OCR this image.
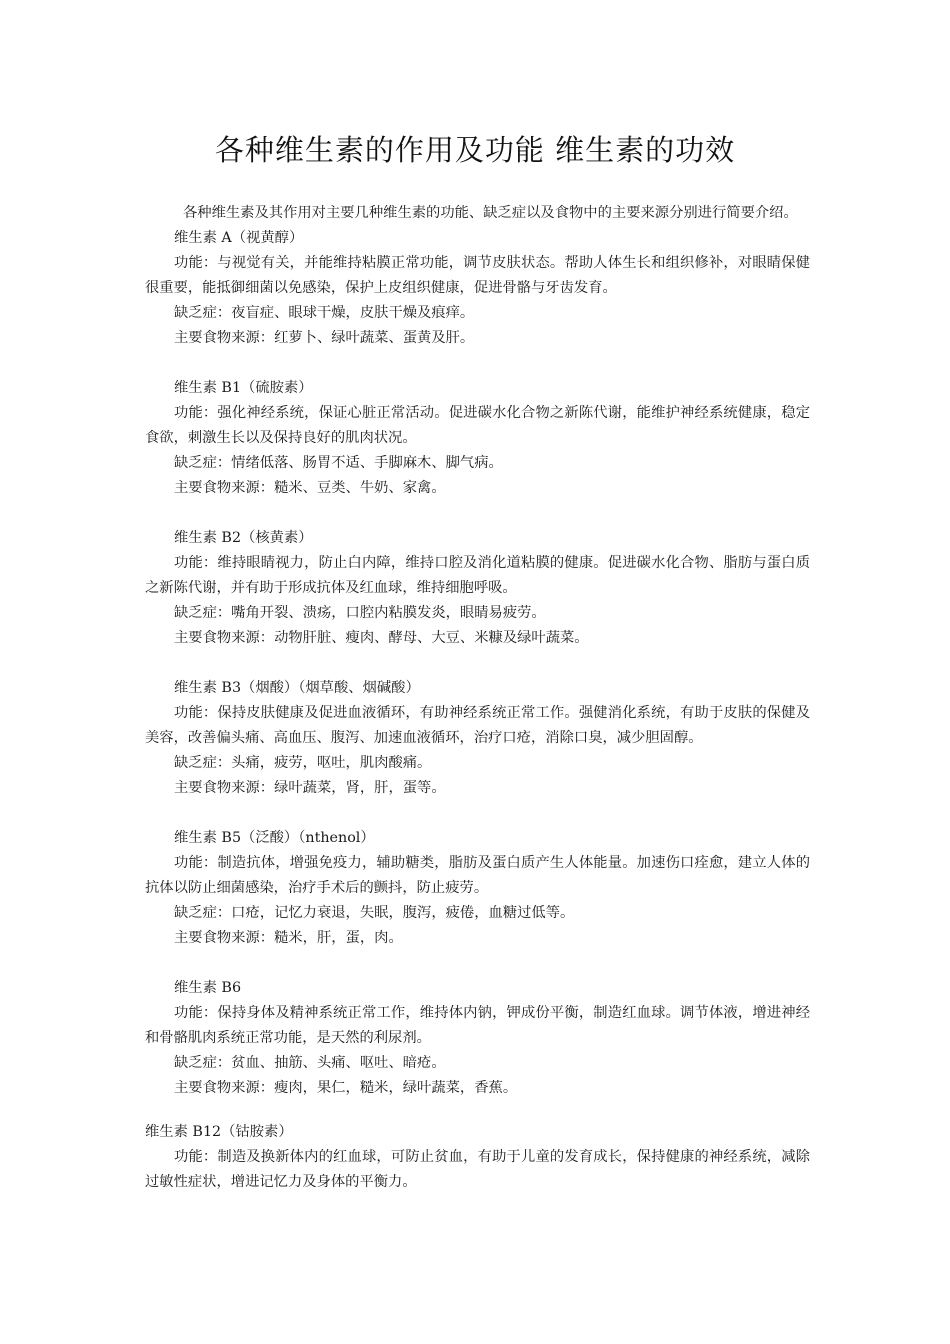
各种维生素的作用及功能 维生素的功效

各种维生素及其作用对主要几种维生素的功能、缺乏症以及食物中的主要来源分别进行简要介绍。

维生素 A（视黄醇）

功能：与视觉有关，并能维持粘膜正常功能，调节皮肤状态。帮助人体生长和组织修补，对眼睛保健很重要，能抵御细菌以免感染，保护上皮组织健康，促进骨骼与牙齿发育。

缺乏症：夜盲症、眼球干燥，皮肤干燥及痕痒。

主要食物来源：红萝卜、绿叶蔬菜、蛋黄及肝。

维生素 B1（硫胺素）

功能：强化神经系统，保证心脏正常活动。促进碳水化合物之新陈代谢，能维护神经系统健康，稳定食欲，刺激生长以及保持良好的肌肉状况。

缺乏症：情绪低落、肠胃不适、手脚麻木、脚气病。

主要食物来源：糙米、豆类、牛奶、家禽。

维生素 B2（核黄素）

功能：维持眼睛视力，防止白内障，维持口腔及消化道粘膜的健康。促进碳水化合物、脂肪与蛋白质之新陈代谢，并有助于形成抗体及红血球，维持细胞呼吸。

缺乏症：嘴角开裂、溃疡，口腔内粘膜发炎，眼睛易疲劳。

主要食物来源：动物肝脏、瘦肉、酵母、大豆、米糠及绿叶蔬菜。

维生素 B3（烟酸）（烟草酸、烟碱酸）

功能：保持皮肤健康及促进血液循环，有助神经系统正常工作。强健消化系统，有助于皮肤的保健及美容，改善偏头痛、高血压、腹泻、加速血液循环，治疗口疮，消除口臭，减少胆固醇。

缺乏症：头痛，疲劳，呕吐，肌肉酸痛。

主要食物来源：绿叶蔬菜，肾，肝，蛋等。

维生素 B5（泛酸）（nthenol）

功能：制造抗体，增强免疫力，辅助糖类，脂肪及蛋白质产生人体能量。加速伤口痊愈，建立人体的抗体以防止细菌感染，治疗手术后的颤抖，防止疲劳。

缺乏症：口疮，记忆力衰退，失眠，腹泻，疲倦，血糖过低等。

主要食物来源：糙米，肝，蛋，肉。

维生素 B6

功能：保持身体及精神系统正常工作，维持体内钠，钾成份平衡，制造红血球。调节体液，增进神经和骨骼肌肉系统正常功能，是天然的利尿剂。

缺乏症：贫血、抽筋、头痛、呕吐、暗疮。

主要食物来源：瘦肉，果仁，糙米，绿叶蔬菜，香蕉。

维生素 B12（钴胺素）

功能：制造及换新体内的红血球，可防止贫血，有助于儿童的发育成长，保持健康的神经系统，减除过敏性症状，增进记忆力及身体的平衡力。
